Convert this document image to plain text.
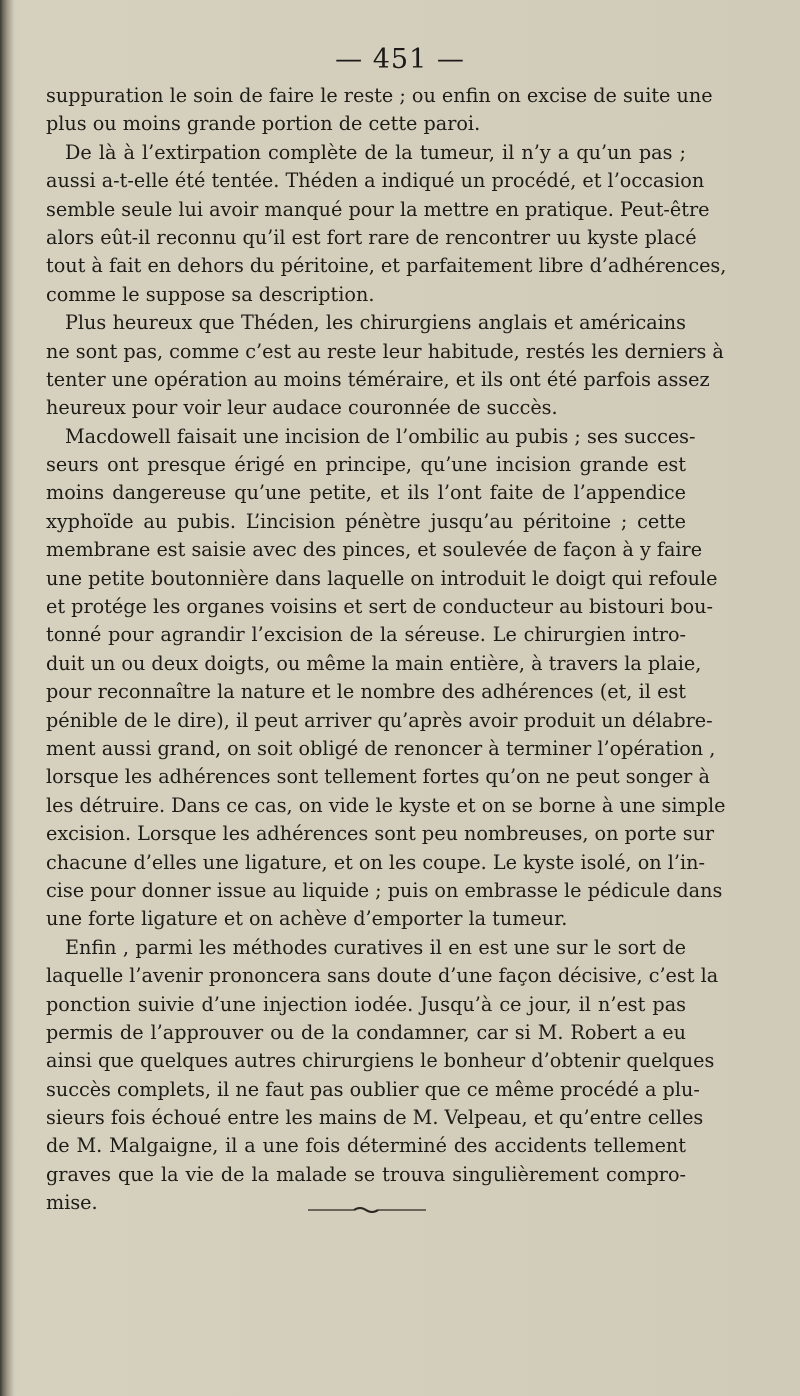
— 451 —
suppuration le soin de faire le reste ; ou enfin on excise de suite une
plus ou moins grande portion de cette paroi.
De là à l’extirpation complète de la tumeur, il n’y a qu’un pas ;
aussi a-t-elle été tentée. Théden a indiqué un procédé, et l’occasion
semble seule lui avoir manqué pour la mettre en pratique. Peut-être
alors eût-il reconnu qu’il est fort rare de rencontrer uu kyste placé
tout à fait en dehors du péritoine, et parfaitement libre d’adhérences,
comme le suppose sa description.
Plus heureux que Théden, les chirurgiens anglais et américains
ne sont pas, comme c’est au reste leur habitude, restés les derniers à
tenter une opération au moins téméraire, et ils ont été parfois assez
heureux pour voir leur audace couronnée de succès.
Macdowell faisait une incision de l’ombilic au pubis ; ses succes-
seurs ont presque érigé en principe, qu’une incision grande est
moins dangereuse qu’une petite, et ils l’ont faite de l’appendice
xyphoïde au pubis. L’incision pénètre jusqu’au péritoine ; cette
membrane est saisie avec des pinces, et soulevée de façon à y faire
une petite boutonnière dans laquelle on introduit le doigt qui refoule
et protége les organes voisins et sert de conducteur au bistouri bou-
tonné pour agrandir l’excision de la séreuse. Le chirurgien intro-
duit un ou deux doigts, ou même la main entière, à travers la plaie,
pour reconnaître la nature et le nombre des adhérences (et, il est
pénible de le dire), il peut arriver qu’après avoir produit un délabre-
ment aussi grand, on soit obligé de renoncer à terminer l’opération ,
lorsque les adhérences sont tellement fortes qu’on ne peut songer à
les détruire. Dans ce cas, on vide le kyste et on se borne à une simple
excision. Lorsque les adhérences sont peu nombreuses, on porte sur
chacune d’elles une ligature, et on les coupe. Le kyste isolé, on l’in-
cise pour donner issue au liquide ; puis on embrasse le pédicule dans
une forte ligature et on achève d’emporter la tumeur.
Enfin , parmi les méthodes curatives il en est une sur le sort de
laquelle l’avenir prononcera sans doute d’une façon décisive, c’est la
ponction suivie d’une injection iodée. Jusqu’à ce jour, il n’est pas
permis de l’approuver ou de la condamner, car si M. Robert a eu
ainsi que quelques autres chirurgiens le bonheur d’obtenir quelques
succès complets, il ne faut pas oublier que ce même procédé a plu-
sieurs fois échoué entre les mains de M. Velpeau, et qu’entre celles
de M. Malgaigne, il a une fois déterminé des accidents tellement
graves que la vie de la malade se trouva singulièrement compro-
mise.
